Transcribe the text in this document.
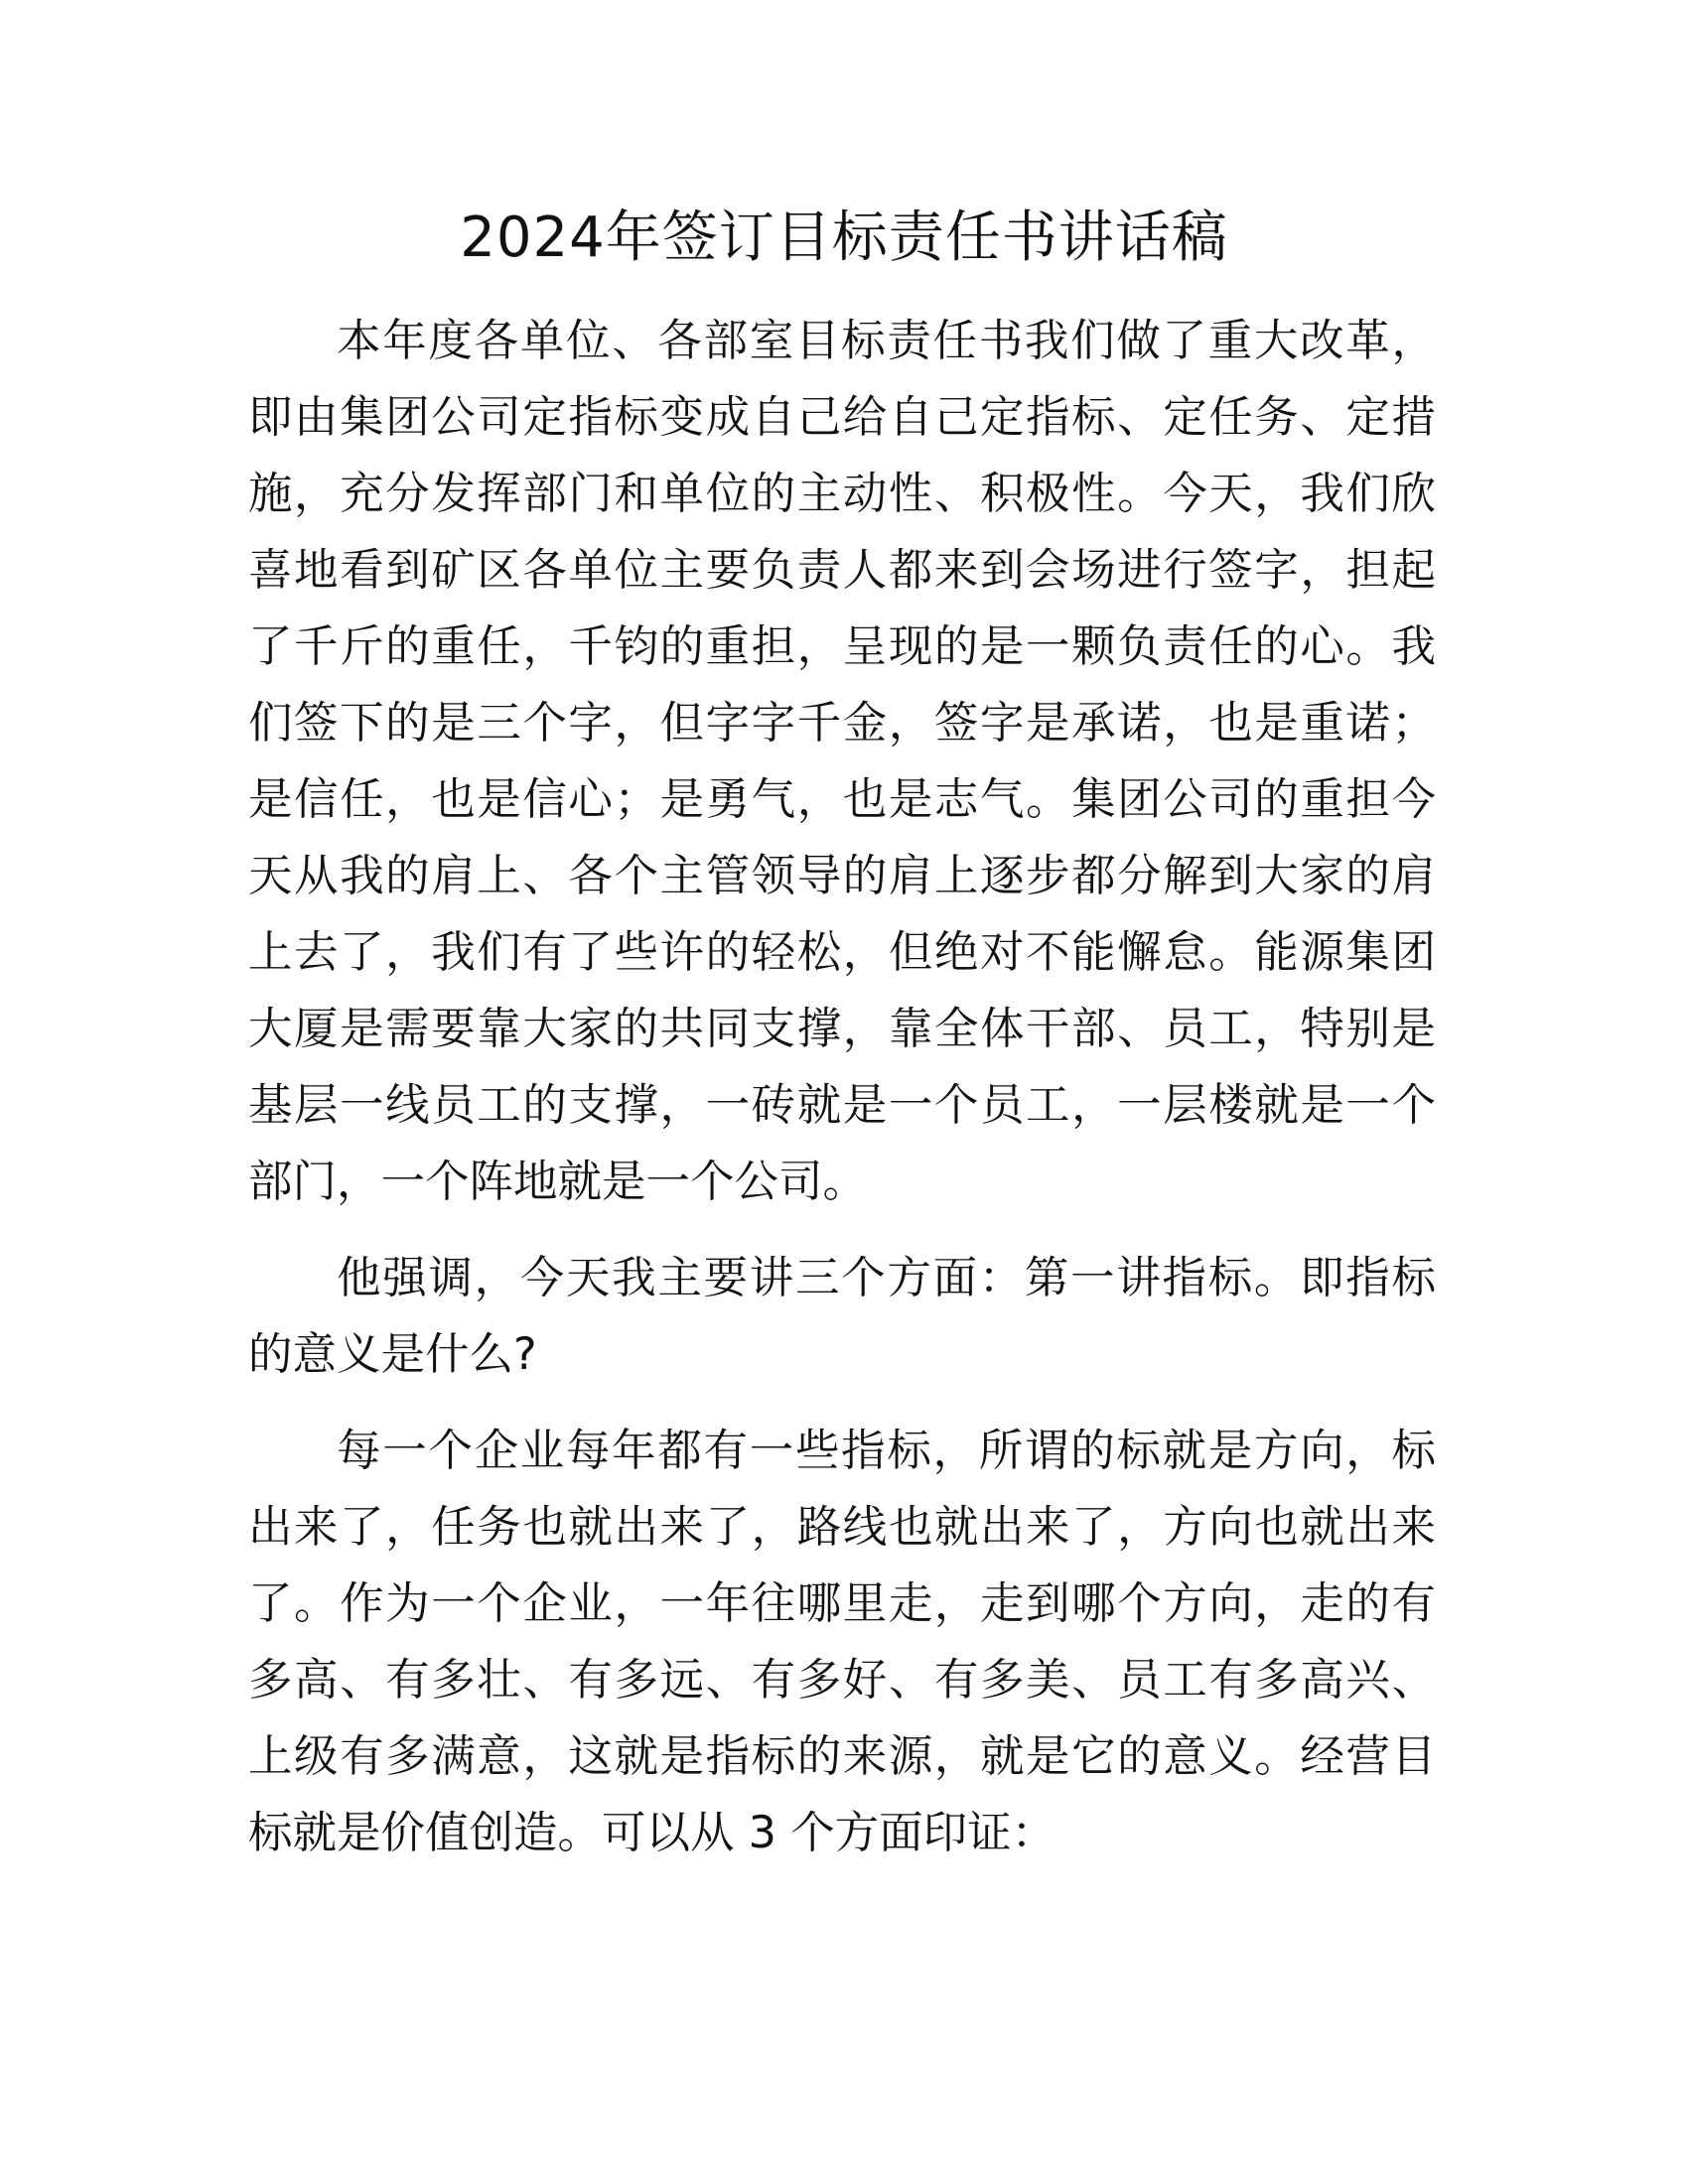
2024年签订目标责任书讲话稿

本年度各单位、各部室目标责任书我们做了重大改革，即由集团公司定指标变成自己给自己定指标、定任务、定措施，充分发挥部门和单位的主动性、积极性。今天，我们欣喜地看到矿区各单位主要负责人都来到会场进行签字，担起了千斤的重任，千钧的重担，呈现的是一颗负责任的心。我们签下的是三个字，但字字千金，签字是承诺，也是重诺；是信任，也是信心；是勇气，也是志气。集团公司的重担今天从我的肩上、各个主管领导的肩上逐步都分解到大家的肩上去了，我们有了些许的轻松，但绝对不能懈怠。能源集团大厦是需要靠大家的共同支撑，靠全体干部、员工，特别是基层一线员工的支撑，一砖就是一个员工，一层楼就是一个部门，一个阵地就是一个公司。

他强调，今天我主要讲三个方面：第一讲指标。即指标的意义是什么?

每一个企业每年都有一些指标，所谓的标就是方向，标出来了，任务也就出来了，路线也就出来了，方向也就出来了。作为一个企业，一年往哪里走，走到哪个方向，走的有多高、有多壮、有多远、有多好、有多美、员工有多高兴、上级有多满意，这就是指标的来源，就是它的意义。经营目标就是价值创造。可以从 3 个方面印证：
